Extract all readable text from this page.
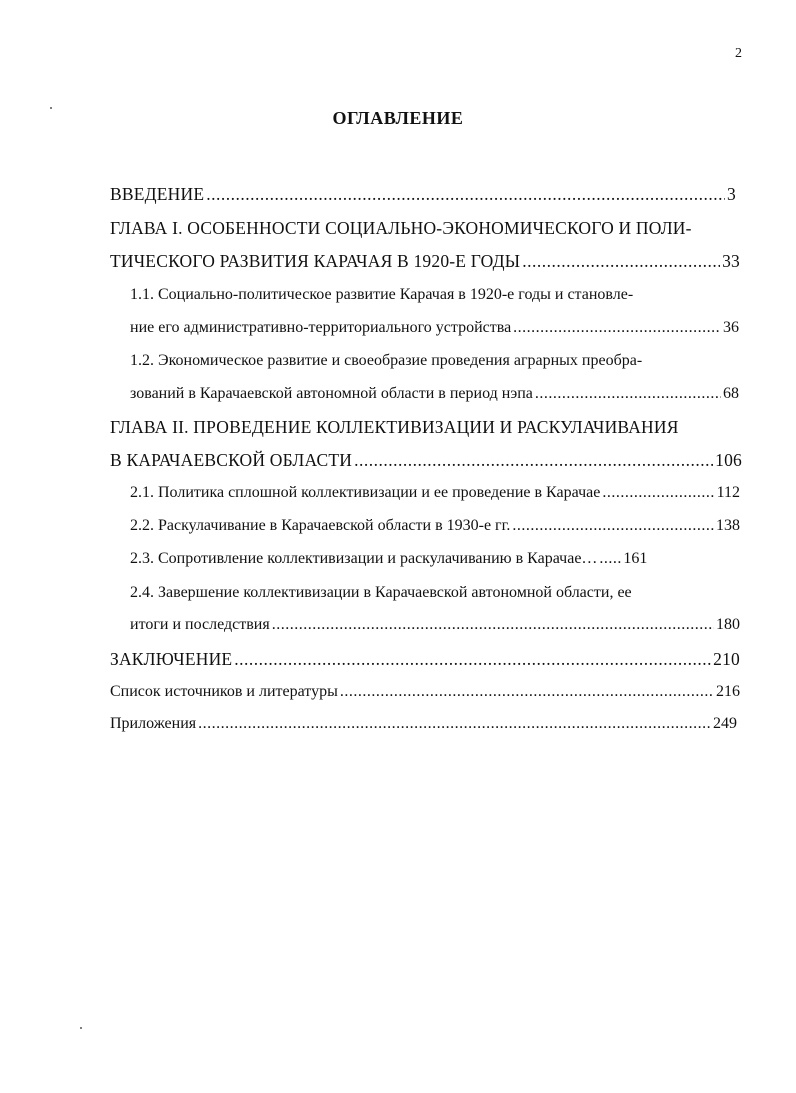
2
ОГЛАВЛЕНИЕ
ВВЕДЕНИЕ .....	3
ГЛАВА I. ОСОБЕННОСТИ СОЦИАЛЬНО-ЭКОНОМИЧЕСКОГО И ПОЛИ-
ТИЧЕСКОГО РАЗВИТИЯ КАРАЧАЯ В 1920-Е ГОДЫ .....	33
1.1. Социально-политическое развитие Карачая в 1920-е годы и становле-
ние его административно-территориального устройства .....	36
1.2. Экономическое развитие и своеобразие проведения аграрных преобра-
зований в Карачаевской автономной области в период нэпа .....	68
ГЛАВА II. ПРОВЕДЕНИЕ КОЛЛЕКТИВИЗАЦИИ И РАСКУЛАЧИВАНИЯ
В КАРАЧАЕВСКОЙ ОБЛАСТИ .....	106
2.1. Политика сплошной коллективизации и ее проведение в Карачае .....	112
2.2. Раскулачивание в Карачаевской области в 1930-е гг. .....	138
2.3. Сопротивление коллективизации и раскулачиванию в Карачае… ..... 161
2.4. Завершение коллективизации в Карачаевской автономной области, ее
итоги и последствия .....	180
ЗАКЛЮЧЕНИЕ .....	210
Список источников и литературы .....	216
Приложения .....	249
